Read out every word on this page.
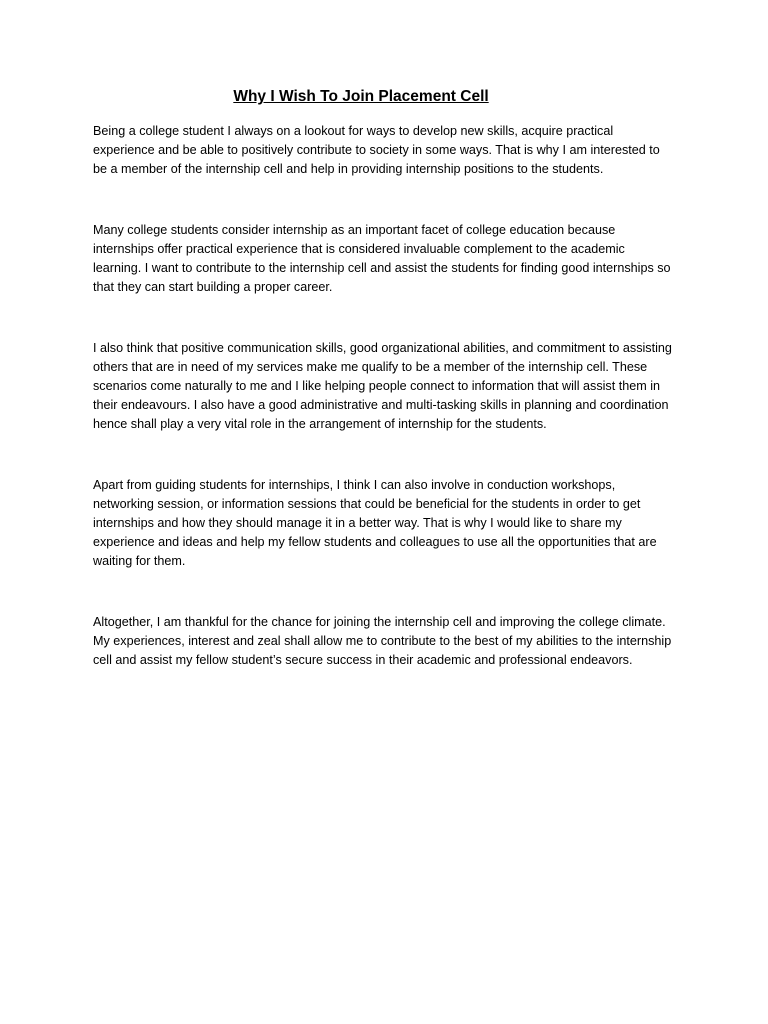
Why I Wish To Join Placement Cell

Being a college student I always on a lookout for ways to develop new skills, acquire practical experience and be able to positively contribute to society in some ways. That is why I am interested to be a member of the internship cell and help in providing internship positions to the students.

Many college students consider internship as an important facet of college education because internships offer practical experience that is considered invaluable complement to the academic learning. I want to contribute to the internship cell and assist the students for finding good internships so that they can start building a proper career.

I also think that positive communication skills, good organizational abilities, and commitment to assisting others that are in need of my services make me qualify to be a member of the internship cell. These scenarios come naturally to me and I like helping people connect to information that will assist them in their endeavours. I also have a good administrative and multi-tasking skills in planning and coordination hence shall play a very vital role in the arrangement of internship for the students.

Apart from guiding students for internships, I think I can also involve in conduction workshops, networking session, or information sessions that could be beneficial for the students in order to get internships and how they should manage it in a better way. That is why I would like to share my experience and ideas and help my fellow students and colleagues to use all the opportunities that are waiting for them.

Altogether, I am thankful for the chance for joining the internship cell and improving the college climate. My experiences, interest and zeal shall allow me to contribute to the best of my abilities to the internship cell and assist my fellow student’s secure success in their academic and professional endeavors.
